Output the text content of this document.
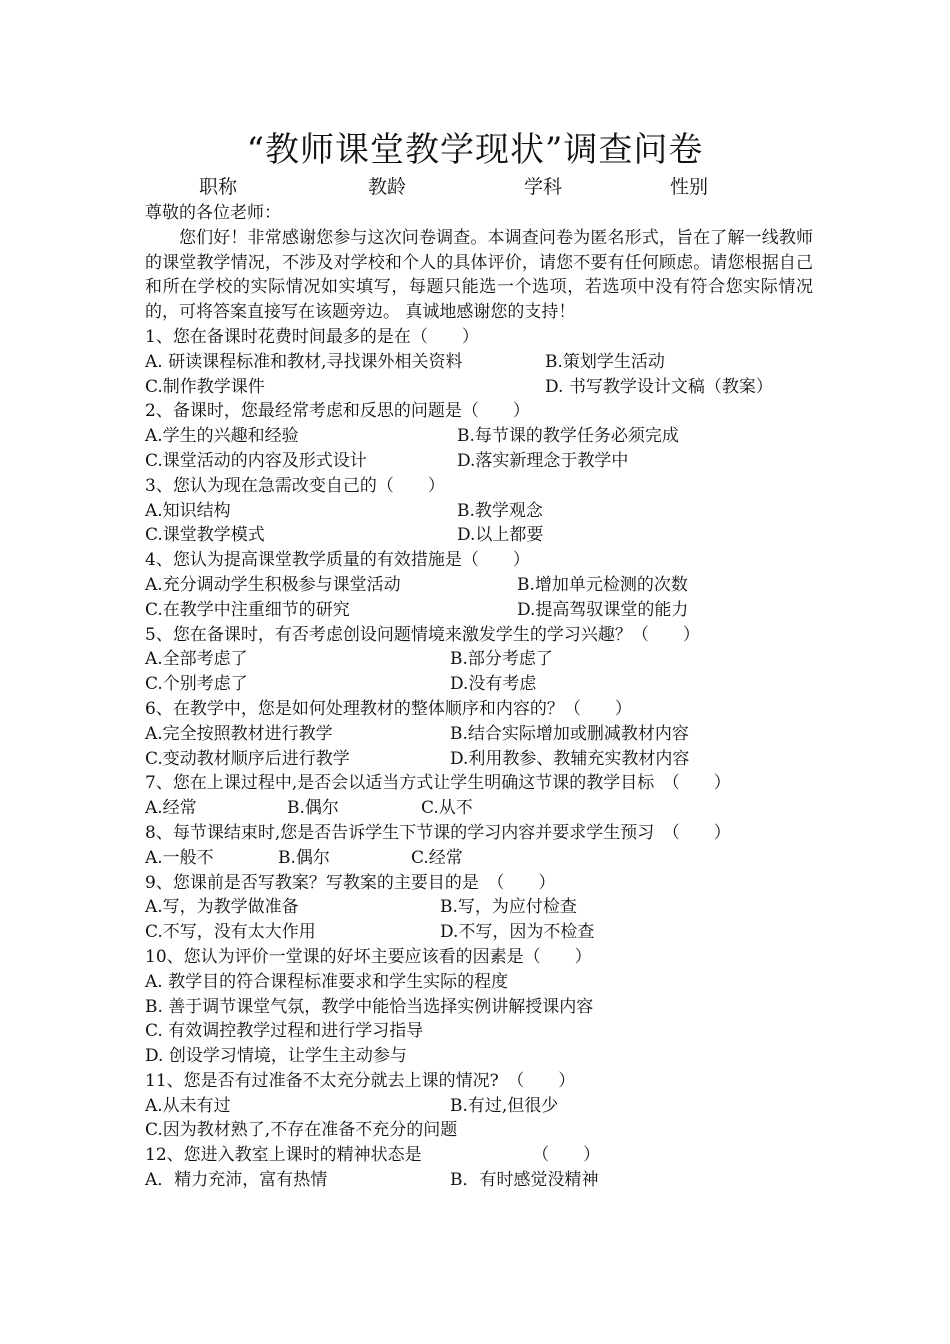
“教师课堂教学现状”调查问卷
职称	教龄	学科	性别
尊敬的各位老师：
您们好！非常感谢您参与这次问卷调查。本调查问卷为匿名形式，旨在了解一线教师的课堂教学情况，不涉及对学校和个人的具体评价，请您不要有任何顾虑。请您根据自己和所在学校的实际情况如实填写，每题只能选一个选项，若选项中没有符合您实际情况的，可将答案直接写在该题旁边。 真诚地感谢您的支持！
1、您在备课时花费时间最多的是在（　　）
A. 研读课程标准和教材,寻找课外相关资料	B.策划学生活动
C.制作教学课件	D. 书写教学设计文稿（教案）
2、备课时，您最经常考虑和反思的问题是（　　）
A.学生的兴趣和经验	B.每节课的教学任务必须完成
C.课堂活动的内容及形式设计	D.落实新理念于教学中
3、您认为现在急需改变自己的（　　）
A.知识结构	B.教学观念
C.课堂教学模式	D.以上都要
4、您认为提高课堂教学质量的有效措施是（　　）
A.充分调动学生积极参与课堂活动	B.增加单元检测的次数
C.在教学中注重细节的研究	D.提高驾驭课堂的能力
5、您在备课时，有否考虑创设问题情境来激发学生的学习兴趣？（　　）
A.全部考虑了	B.部分考虑了
C.个别考虑了	D.没有考虑
6、在教学中，您是如何处理教材的整体顺序和内容的？（　　）
A.完全按照教材进行教学	B.结合实际增加或删减教材内容
C.变动教材顺序后进行教学	D.利用教参、教辅充实教材内容
7、您在上课过程中,是否会以适当方式让学生明确这节课的教学目标　（　　）
A.经常	B.偶尔	C.从不
8、每节课结束时,您是否告诉学生下节课的学习内容并要求学生预习　（　　）
A.一般不	B.偶尔	C.经常
9、您课前是否写教案？写教案的主要目的是　（　　）
A.写，为教学做准备	B.写，为应付检查
C.不写，没有太大作用	D.不写，因为不检查
10、您认为评价一堂课的好坏主要应该看的因素是（　　）
A. 教学目的符合课程标准要求和学生实际的程度
B. 善于调节课堂气氛，教学中能恰当选择实例讲解授课内容
C. 有效调控教学过程和进行学习指导
D. 创设学习情境，让学生主动参与
11、您是否有过准备不太充分就去上课的情况?　（　　）
A.从未有过	B.有过,但很少
C.因为教材熟了,不存在准备不充分的问题
12、您进入教室上课时的精神状态是　　　　　　　（　　）
A．精力充沛，富有热情	B．有时感觉没精神
